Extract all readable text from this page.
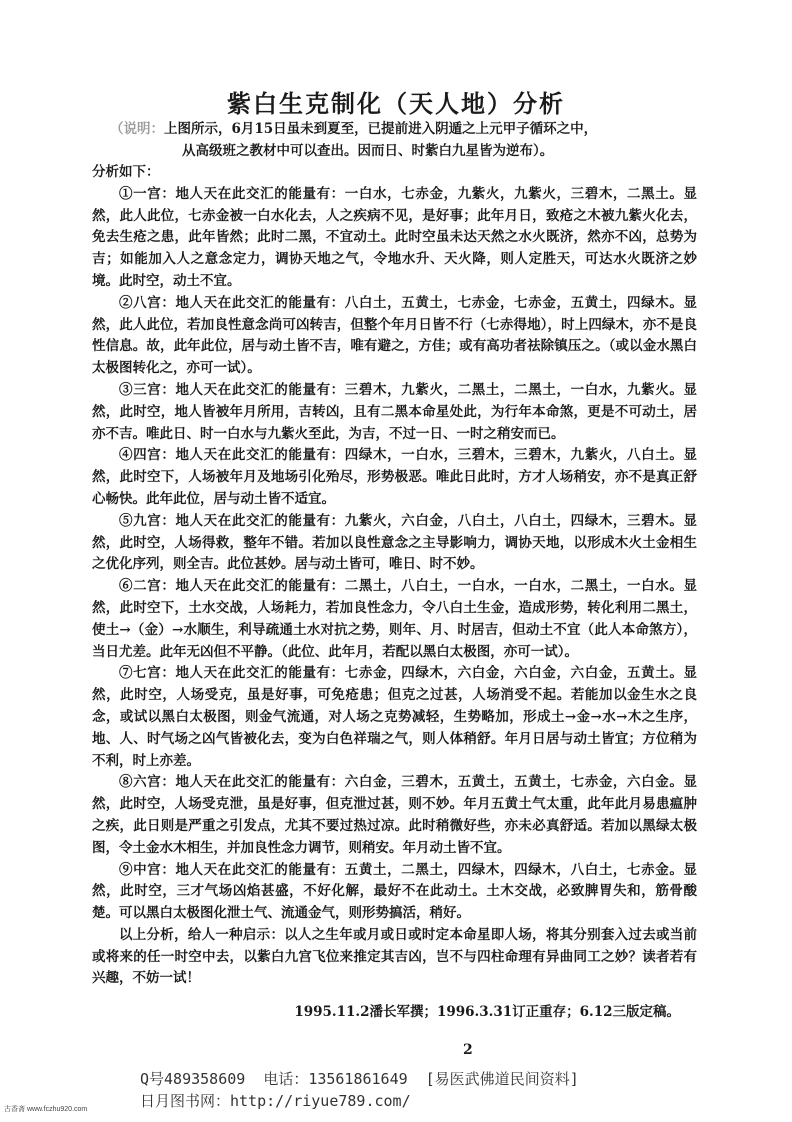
紫白生克制化（天人地）分析
（说明：上图所示，6月15日虽未到夏至，已提前进入阴遁之上元甲子循环之中，
从高级班之教材中可以查出。因而日、时紫白九星皆为逆布）。

分析如下：

①一宫：地人天在此交汇的能量有：一白水，七赤金，九紫火，九紫火，三碧木，二黑土。显然，此人此位，七赤金被一白水化去，人之疾病不见，是好事；此年月日，致疮之木被九紫火化去，免去生疮之患，此年皆然；此时二黑，不宜动土。此时空虽未达天然之水火既济，然亦不凶，总势为吉；如能加入人之意念定力，调协天地之气，令地水升、天火降，则人定胜天，可达水火既济之妙境。此时空，动土不宜。

②八宫：地人天在此交汇的能量有：八白土，五黄土，七赤金，七赤金，五黄土，四绿木。显然，此人此位，若加良性意念尚可凶转吉，但整个年月日皆不行（七赤得地），时上四绿木，亦不是良性信息。故，此年此位，居与动土皆不吉，唯有避之，方佳；或有高功者祛除镇压之。（或以金水黑白太极图转化之，亦可一试）。

③三宫：地人天在此交汇的能量有：三碧木，九紫火，二黑土，二黑土，一白水，九紫火。显然，此时空，地人皆被年月所用，吉转凶，且有二黑本命星处此，为行年本命煞，更是不可动土，居亦不吉。唯此日、时一白水与九紫火至此，为吉，不过一日、一时之稍安而已。

④四宫：地人天在此交汇的能量有：四绿木，一白水，三碧木，三碧木，九紫火，八白土。显然，此时空下，人场被年月及地场引化殆尽，形势极恶。唯此日此时，方才人场稍安，亦不是真正舒心畅快。此年此位，居与动土皆不适宜。

⑤九宫：地人天在此交汇的能量有：九紫火，六白金，八白土，八白土，四绿木，三碧木。显然，此时空，人场得救，整年不错。若加以良性意念之主导影响力，调协天地，以形成木火土金相生之优化序列，则全吉。此位甚妙。居与动土皆可，唯日、时不妙。

⑥二宫：地人天在此交汇的能量有：二黑土，八白土，一白水，一白水，二黑土，一白水。显然，此时空下，土水交战，人场耗力，若加良性念力，令八白土生金，造成形势，转化利用二黑土，使土→（金）→水顺生，利导疏通土水对抗之势，则年、月、时居吉，但动土不宜（此人本命煞方），当日尤差。此年无凶但不平静。（此位、此年月，若配以黑白太极图，亦可一试）。

⑦七宫：地人天在此交汇的能量有：七赤金，四绿木，六白金，六白金，六白金，五黄土。显然，此时空，人场受克，虽是好事，可免疮患；但克之过甚，人场消受不起。若能加以金生水之良念，或试以黑白太极图，则金气流通，对人场之克势减轻，生势略加，形成土→金→水→木之生序，地、人、时气场之凶气皆被化去，变为白色祥瑞之气，则人体稍舒。年月日居与动土皆宜；方位稍为不利，时上亦差。

⑧六宫：地人天在此交汇的能量有：六白金，三碧木，五黄土，五黄土，七赤金，六白金。显然，此时空，人场受克泄，虽是好事，但克泄过甚，则不妙。年月五黄土气太重，此年此月易患瘟肿之疾，此日则是严重之引发点，尤其不要过热过凉。此时稍微好些，亦未必真舒适。若加以黑绿太极图，令土金水木相生，并加良性念力调节，则稍安。年月动土皆不宜。

⑨中宫：地人天在此交汇的能量有：五黄土，二黑土，四绿木，四绿木，八白土，七赤金。显然，此时空，三才气场凶焰甚盛，不好化解，最好不在此动土。土木交战，必致脾胃失和，筋骨酸楚。可以黑白太极图化泄土气、流通金气，则形势搞活，稍好。

以上分析，给人一种启示：以人之生年或月或日或时定本命星即人场，将其分别套入过去或当前或将来的任一时空中去，以紫白九宫飞位来推定其吉凶，岂不与四柱命理有异曲同工之妙？读者若有兴趣，不妨一试！

1995.11.2潘长军撰；1996.3.31订正重存；6.12三版定稿。
2
Q号489358609 电话：13561861649 [易医武佛道民间资料]
日月图书网：http://riyue789.com/
古香斋 www.fczhu920.com
